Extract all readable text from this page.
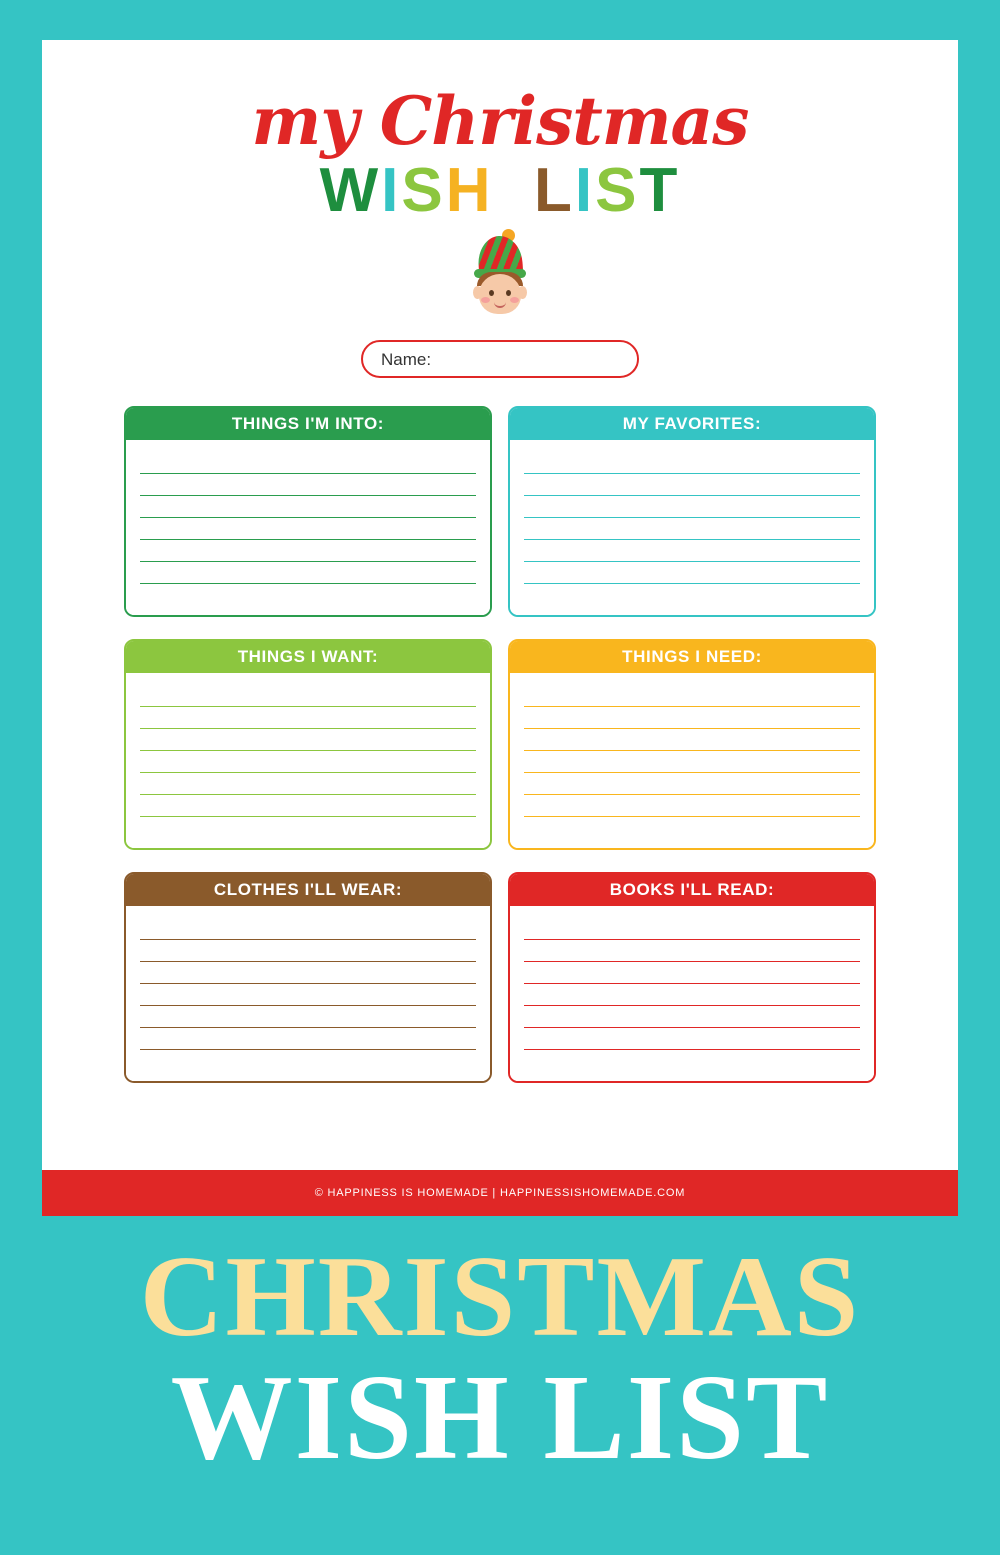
my Christmas
WISH LIST
Name:
THINGS I'M INTO:	MY FAVORITES:
THINGS I WANT:	THINGS I NEED:
CLOTHES I'LL WEAR:	BOOKS I'LL READ:
© HAPPINESS IS HOMEMADE | HAPPINESSISHOMEMADE.COM
CHRISTMAS
WISH LIST
